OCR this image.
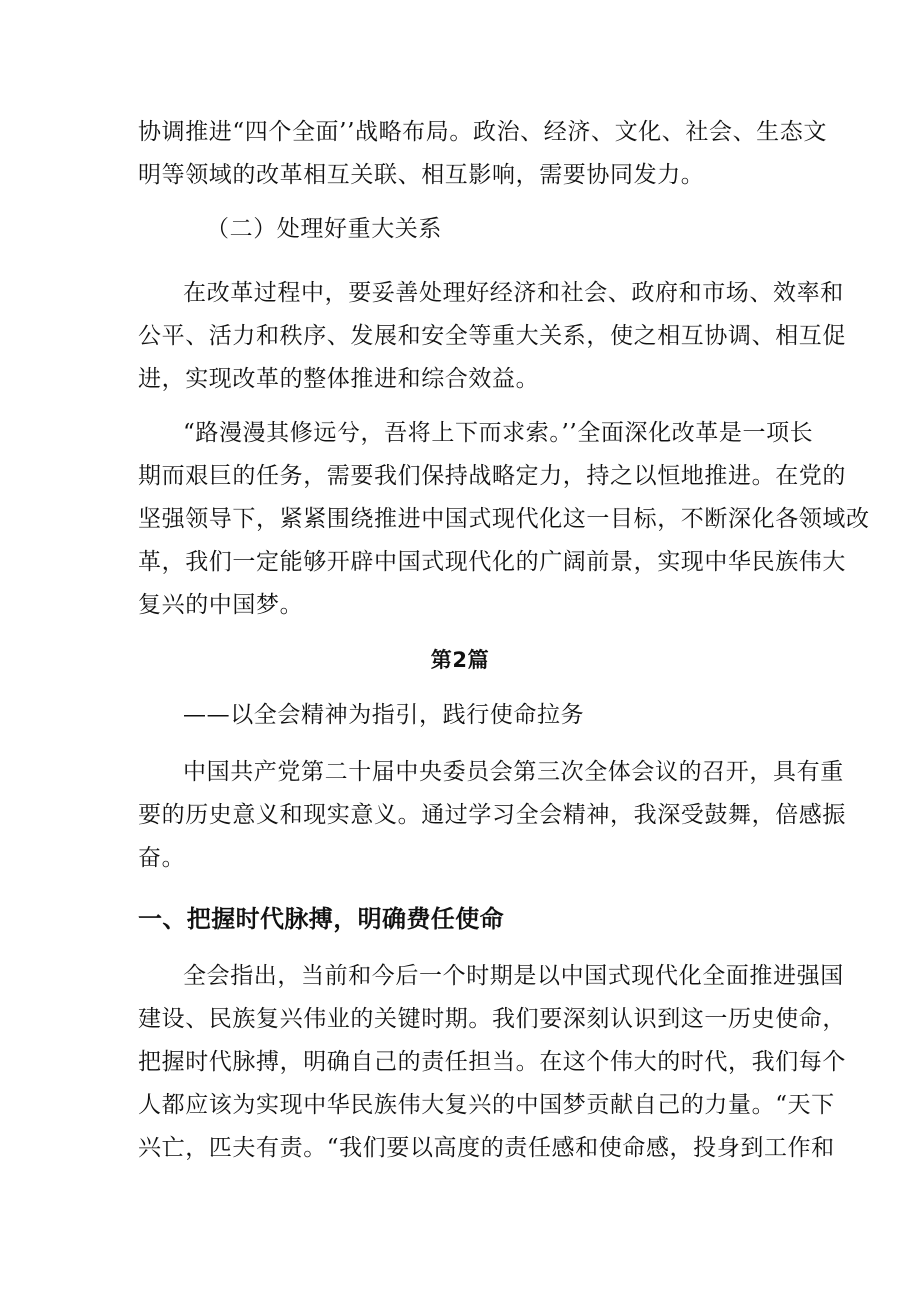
协调推进“四个全面’’战略布局。政治、经济、文化、社会、生态文
明等领域的改革相互关联、相互影响，需要协同发力。
（二）处理好重大关系
在改革过程中，要妥善处理好经济和社会、政府和市场、效率和
公平、活力和秩序、发展和安全等重大关系，使之相互协调、相互促
进，实现改革的整体推进和综合效益。
“路漫漫其修远兮，吾将上下而求索。’’全面深化改革是一项长
期而艰巨的任务，需要我们保持战略定力，持之以恒地推进。在党的
坚强领导下，紧紧围绕推进中国式现代化这一目标，不断深化各领域改
革，我们一定能够开辟中国式现代化的广阔前景，实现中华民族伟大
复兴的中国梦。
第2篇
——以全会精神为指引，践行使命拉务
中国共产党第二十届中央委员会第三次全体会议的召开，具有重
要的历史意义和现实意义。通过学习全会精神，我深受鼓舞，倍感振
奋。
一、把握时代脉搏，明确费任使命
全会指出，当前和今后一个时期是以中国式现代化全面推进强国
建设、民族复兴伟业的关键时期。我们要深刻认识到这一历史使命，
把握时代脉搏，明确自己的责任担当。在这个伟大的时代，我们每个
人都应该为实现中华民族伟大复兴的中国梦贡献自己的力量。“天下
兴亡，匹夫有责。“我们要以高度的责任感和使命感，投身到工作和
